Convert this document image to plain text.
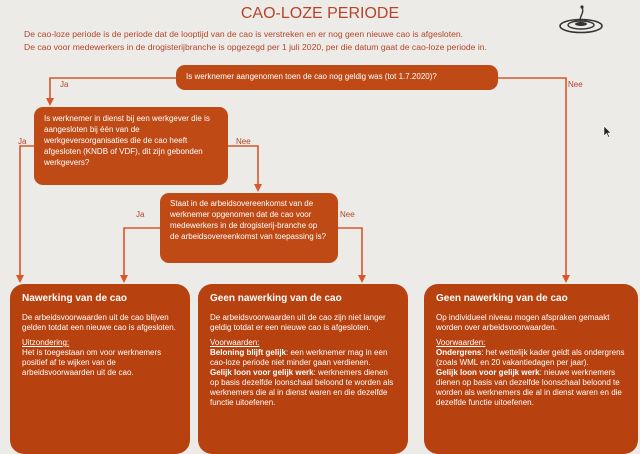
CAO-LOZE PERIODE
De cao-loze periode is de periode dat de looptijd van de cao is verstreken en er nog geen nieuwe cao is afgesloten.
De cao voor medewerkers in de drogisterijbranche is opgezegd per 1 juli 2020, per die datum gaat de cao-loze periode in.
Ja	Nee
Ja	Nee
Ja	Nee
Is werknemer aangenomen toen de cao nog geldig was (tot 1.7.2020)?
Is werknemer in dienst bij een werkgever die is aangesloten bij één van de werkgeversorganisaties die de cao heeft afgesloten (KNDB of VDF), dit zijn gebonden werkgevers?
Staat in de arbeidsovereenkomst van de werknemer opgenomen dat de cao voor medewerkers in de drogisterij-branche op de arbeidsovereenkomst van toepassing is?
Nawerking van de cao

De arbeidsvoorwaarden uit de cao blijven gelden totdat een nieuwe cao is afgesloten.

Uitzondering:
Het is toegestaan om voor werknemers positief af te wijken van de arbeidsvoorwaarden uit de cao.

Geen nawerking van de cao

De arbeidsvoorwaarden uit de cao zijn niet langer geldig totdat er een nieuwe cao is afgesloten.

Voorwaarden:
Beloning blijft gelijk: een werknemer mag in een cao-loze periode niet minder gaan verdienen.
Gelijk loon voor gelijk werk: werknemers dienen op basis dezelfde loonschaal beloond te worden als werknemers die al in dienst waren en die dezelfde functie uitoefenen.

Geen nawerking van de cao

Op individueel niveau mogen afspraken gemaakt worden over arbeidsvoorwaarden.

Voorwaarden:
Ondergrens: het wettelijk kader geldt als ondergrens (zoals WML en 20 vakantiedagen per jaar).
Gelijk loon voor gelijk werk: nieuwe werknemers dienen op basis van dezelfde loonschaal beloond te worden als werknemers die al in dienst waren en die dezelfde functie uitoefenen.
